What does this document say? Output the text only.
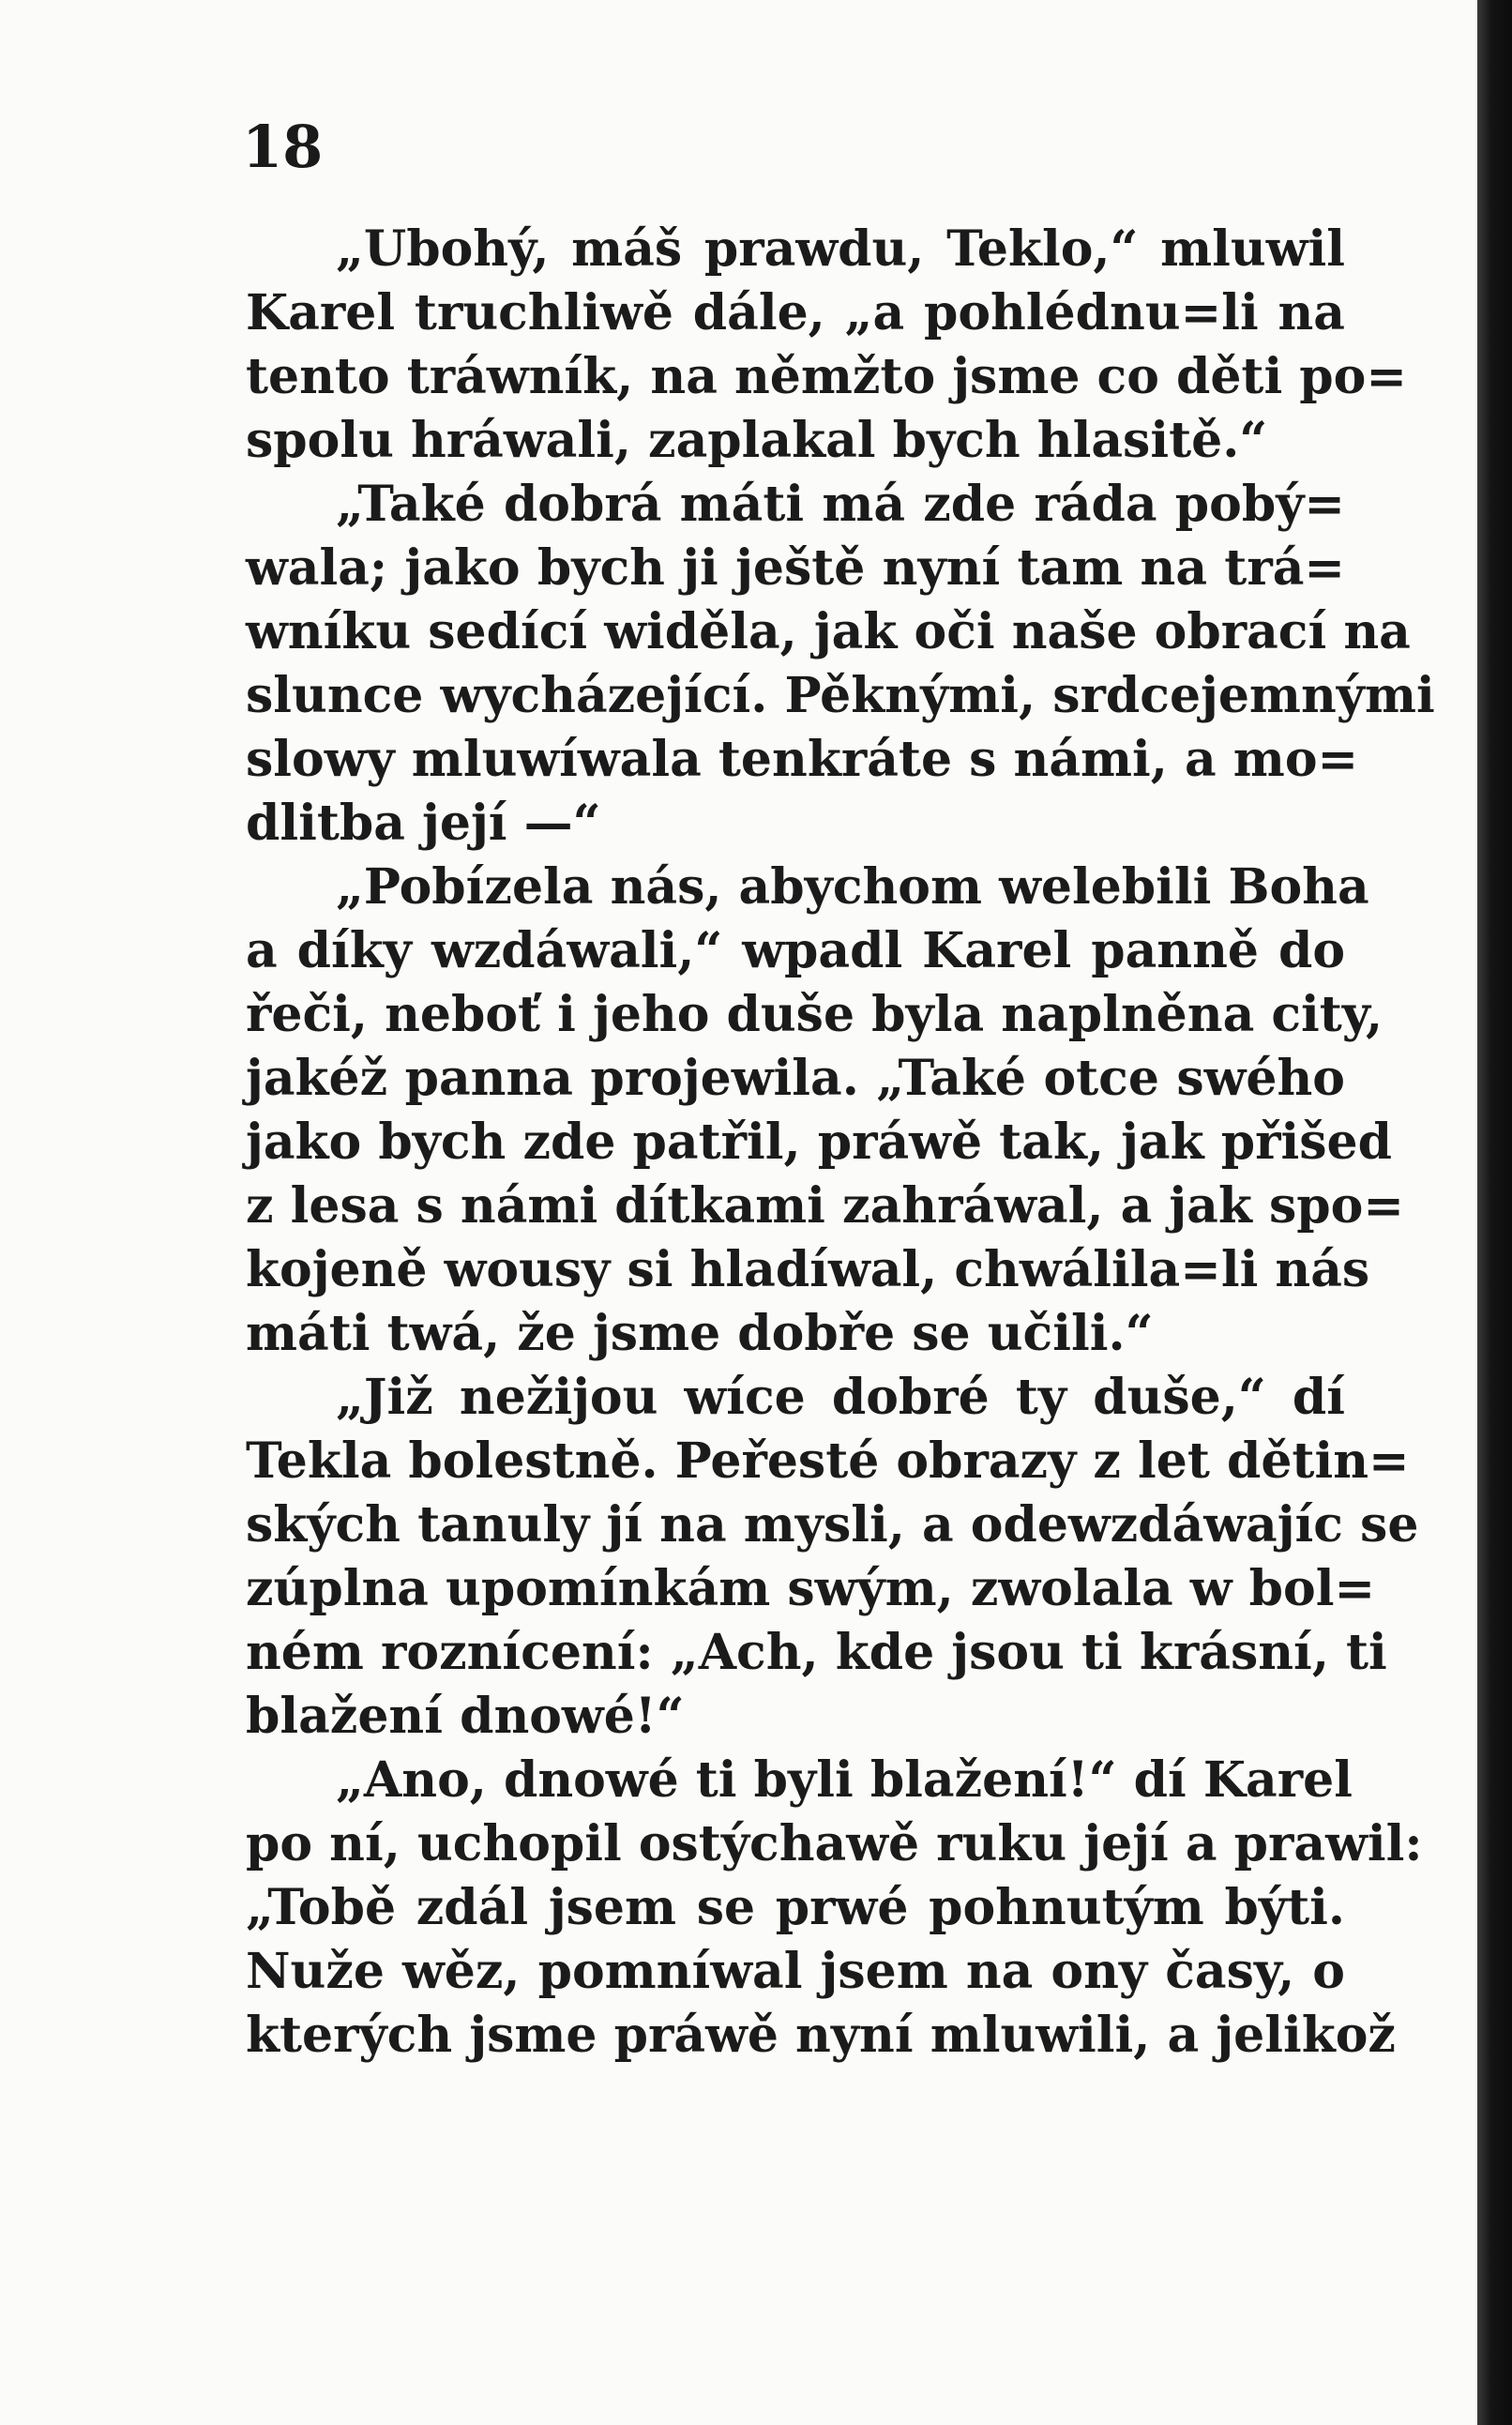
18
„Ubohý, máš prawdu, Teklo,“ mluwil
Karel truchliwě dále, „a pohlédnu=li na
tento tráwník, na němžto jsme co děti po=
spolu hráwali, zaplakal bych hlasitě.“
„Také dobrá máti má zde ráda pobý=
wala; jako bych ji ještě nyní tam na trá=
wníku sedící widěla, jak oči naše obrací na
slunce wycházející. Pěknými, srdcejemnými
slowy mluwíwala tenkráte s námi, a mo=
dlitba její —“
„Pobízela nás, abychom welebili Boha
a díky wzdáwali,“ wpadl Karel panně do
řeči, neboť i jeho duše byla naplněna city,
jakéž panna projewila. „Také otce swého
jako bych zde patřil, práwě tak, jak přišed
z lesa s námi dítkami zahráwal, a jak spo=
kojeně wousy si hladíwal, chwálila=li nás
máti twá, že jsme dobře se učili.“
„Již nežijou wíce dobré ty duše,“ dí
Tekla bolestně. Peřesté obrazy z let dětin=
ských tanuly jí na mysli, a odewzdáwajíc se
zúplna upomínkám swým, zwolala w bol=
ném roznícení: „Ach, kde jsou ti krásní, ti
blažení dnowé!“
„Ano, dnowé ti byli blažení!“ dí Karel
po ní, uchopil ostýchawě ruku její a prawil:
„Tobě zdál jsem se prwé pohnutým býti.
Nuže wěz, pomníwal jsem na ony časy, o
kterých jsme práwě nyní mluwili, a jelikož
